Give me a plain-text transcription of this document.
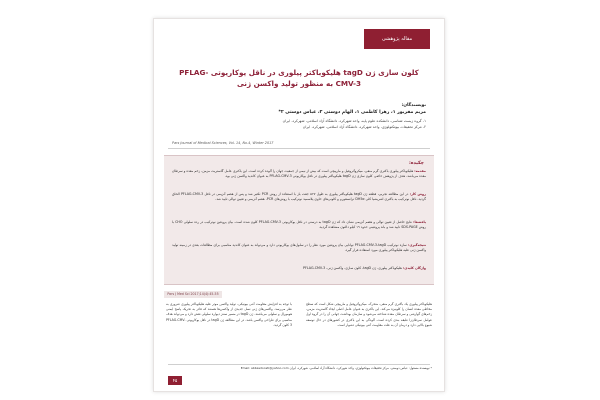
مقاله پژوهشی
کلون سازی ژن tagD هلیکوباکتر پیلوری در ناقل یوکاریوتی PFLAG-CMV-3 به منظور تولید واکسن ژنی
نویسندگان:
مریم مقربور ۱، زهرا کاظمی ۱، الهام دوستی ۲، عباس دوستی ۲*
۱- گروه زیست شناسی، دانشکده علوم پایه، واحد شهرکرد، دانشگاه آزاد اسلامی، شهرکرد، ایران
۲- مرکز تحقیقات بیوتکنولوژی، واحد شهرکرد، دانشگاه آزاد اسلامی، شهرکرد، ایران
Pars Journal of Medical Sciences, Vol. 14, No.4, Winter 2017
چکیده:
مقدمه: هلیکوباکتر پیلوری باکتری گرم منفی، میکروآئروفیل و مارپیچی است که بیش از نیمی از جمعیت جهان را آلوده کرده است. این باکتری عامل گاستریت مزمن، زخم معده و سرطان معده می‌باشد. هدف از پژوهش حاضر، کلون سازی ژن tagD هلیکوباکتر پیلوری در ناقل یوکاریوتی PFLAG-CMV-3 به عنوان کاندید واکسن ژنی بود.
روش کار: در این مطالعه تجربی، قطعه ژن tagD هلیکوباکتر پیلوری به طول ۵۲۷ جفت باز با استفاده از روش PCR تکثیر شد و پس از هضم آنزیمی در ناقل PFLAG-CMV-3 الحاق گردید. ناقل نوترکیب به باکتری اشریشیا کلی DH5α ترانسفورم و کلونی‌های حاوی پلاسمید نوترکیب با روش‌های PCR، هضم آنزیمی و تعیین توالی تایید شد.
یافته‌ها: نتایج حاصل از تعیین توالی و هضم آنزیمی نشان داد که ژن tagD به درستی در ناقل یوکاریوتی PFLAG-CMV-3 کلون شده است. بیان پروتئین نوترکیب در رده سلولی CHO با روش SDS-PAGE تایید شد و باند پروتئینی حدود ۱۹ کیلو دالتون مشاهده گردید.
نتیجه‌گیری: سازه نوترکیب PFLAG-CMV-3-tagD توانایی بیان پروتئین مورد نظر را در سلول‌های یوکاریوتی دارد و می‌تواند به عنوان کاندید مناسبی برای مطالعات بعدی در زمینه تولید واکسن ژنی علیه هلیکوباکتر پیلوری مورد استفاده قرار گیرد.
واژگان کلیدی: هلیکوباکتر پیلوری، ژن tagD، کلون سازی، واکسن ژنی، PFLAG-CMV-3
Pars J Med Sci 2017;14(4):45-55
هلیکوباکتر پیلوری یک باکتری گرم منفی، متحرک، میکروآئروفیل و مارپیچی شکل است که سطح مخاطی معده انسان را کلونیزه می‌کند. این باکتری به عنوان عامل اصلی ایجاد گاستریت مزمن، زخم‌های گوارشی و سرطان معده شناخته می‌شود و سازمان بهداشت جهانی آن را در گروه اول عوامل سرطان‌زا طبقه بندی کرده است. آلودگی به این باکتری در کشورهای در حال توسعه شیوع بالایی دارد و درمان آن به علت مقاومت آنتی بیوتیکی دشوار است.
با توجه به افزایش مقاومت آنتی بیوتیکی، تولید واکسن موثر علیه هلیکوباکتر پیلوری ضروری به نظر می‌رسد. واکسن‌های ژنی نسل جدیدی از واکسن‌ها هستند که قادر به تحریک پاسخ ایمنی هومورال و سلولی می‌باشند. ژن tagD در مسیر سنتز دیواره سلولی نقش دارد و می‌تواند هدف مناسبی برای طراحی واکسن باشد. در این مطالعه ژن tagD در ناقل یوکاریوتی PFLAG-CMV-3 کلون گردید.
* نویسنده مسئول: عباس دوستی، مرکز تحقیقات بیوتکنولوژی، واحد شهرکرد، دانشگاه آزاد اسلامی، شهرکرد، ایران Email: abbasdoosti@yahoo.com
۴۵
